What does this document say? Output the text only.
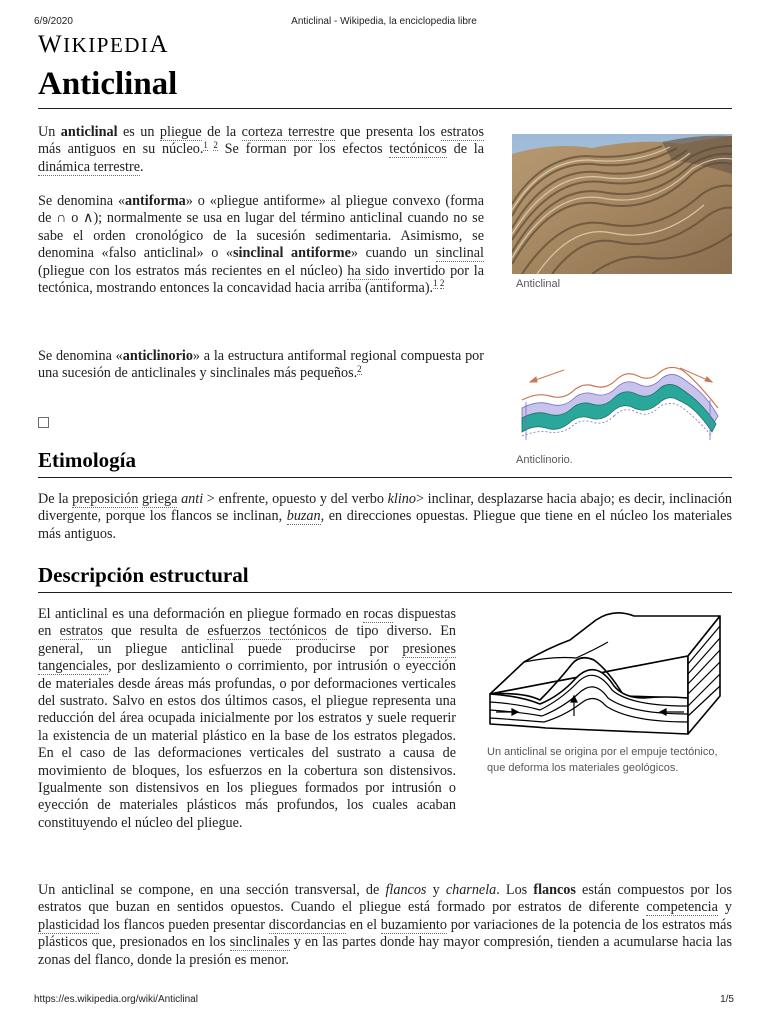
6/9/2020	Anticlinal - Wikipedia, la enciclopedia libre
WIKIPEDIA
Anticlinal
Un anticlinal es un pliegue de la corteza terrestre que presenta los estratos más antiguos en su núcleo.$^1$ $^2$ Se forman por los efectos tectónicos de la dinámica terrestre.
Se denomina «antiforma» o «pliegue antiforme» al pliegue convexo (forma de ∩ o ∧); normalmente se usa en lugar del término anticlinal cuando no se sabe el orden cronológico de la sucesión sedimentaria. Asimismo, se denomina «falso anticlinal» o «sinclinal antiforme» cuando un sinclinal (pliegue con los estratos más recientes en el núcleo) ha sido invertido por la tectónica, mostrando entonces la concavidad hacia arriba (antiforma).$^1$ $^2$
Se denomina «anticlinorio» a la estructura antiformal regional compuesta por una sucesión de anticlinales y sinclinales más pequeños.$^2$
Anticlinal
Anticlinorio.
Etimología
De la preposición griega anti > enfrente, opuesto y del verbo klino> inclinar, desplazarse hacia abajo; es decir, inclinación divergente, porque los flancos se inclinan, buzan, en direcciones opuestas. Pliegue que tiene en el núcleo los materiales más antiguos.
Descripción estructural
Un anticlinal se origina por el empuje tectónico, que deforma los materiales geológicos.
El anticlinal es una deformación en pliegue formado en rocas dispuestas en estratos que resulta de esfuerzos tectónicos de tipo diverso. En general, un pliegue anticlinal puede producirse por presiones tangenciales, por deslizamiento o corrimiento, por intrusión o eyección de materiales desde áreas más profundas, o por deformaciones verticales del sustrato. Salvo en estos dos últimos casos, el pliegue representa una reducción del área ocupada inicialmente por los estratos y suele requerir la existencia de un material plástico en la base de los estratos plegados. En el caso de las deformaciones verticales del sustrato a causa de movimiento de bloques, los esfuerzos en la cobertura son distensivos. Igualmente son distensivos en los pliegues formados por intrusión o eyección de materiales plásticos más profundos, los cuales acaban constituyendo el núcleo del pliegue.
Un anticlinal se compone, en una sección transversal, de flancos y charnela. Los flancos están compuestos por los estratos que buzan en sentidos opuestos. Cuando el pliegue está formado por estratos de diferente competencia y plasticidad los flancos pueden presentar discordancias en el buzamiento por variaciones de la potencia de los estratos más plásticos que, presionados en los sinclinales y en las partes donde hay mayor compresión, tienden a acumularse hacia las zonas del flanco, donde la presión es menor.
https://es.wikipedia.org/wiki/Anticlinal	1/5
